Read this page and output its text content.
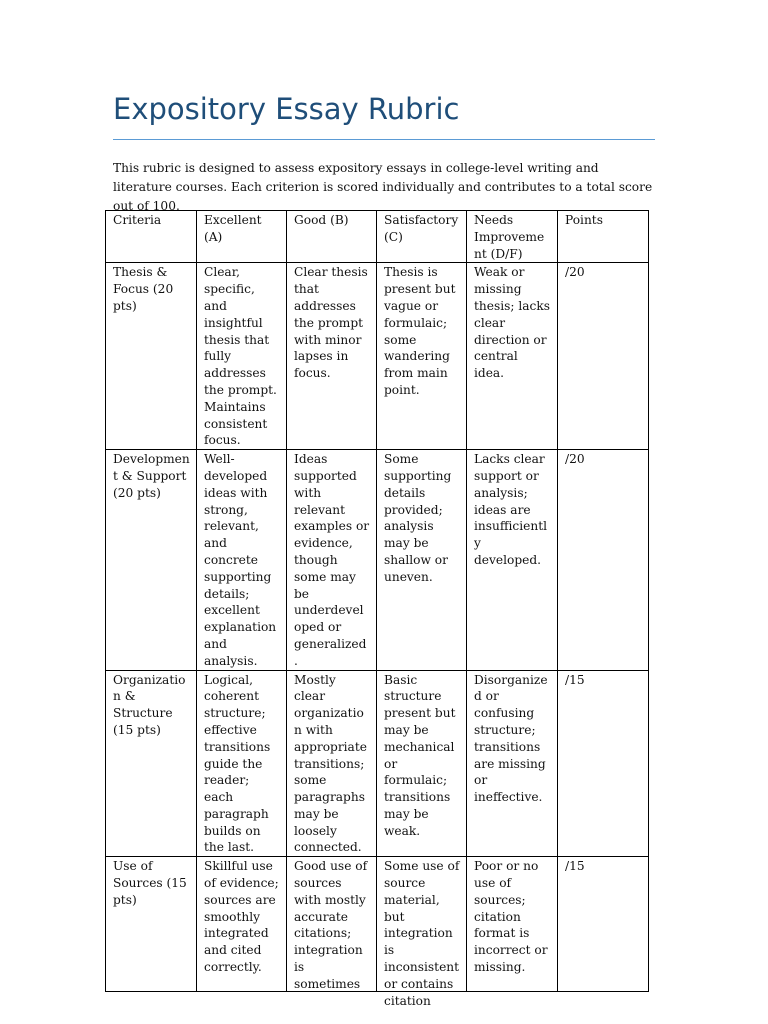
Expository Essay Rubric

This rubric is designed to assess expository essays in college-level writing and literature courses. Each criterion is scored individually and contributes to a total score out of 100.

Criteria	Excellent (A)	Good (B)	Satisfactory (C)	Needs Improvement (D/F)	Points
Thesis & Focus (20 pts)	Clear, specific, and insightful thesis that fully addresses the prompt. Maintains consistent focus.	Clear thesis that addresses the prompt with minor lapses in focus.	Thesis is present but vague or formulaic; some wandering from main point.	Weak or missing thesis; lacks clear direction or central idea.	/20
Development & Support (20 pts)	Well-developed ideas with strong, relevant, and concrete supporting details; excellent explanation and analysis.	Ideas supported with relevant examples or evidence, though some may be underdeveloped or generalized.	Some supporting details provided; analysis may be shallow or uneven.	Lacks clear support or analysis; ideas are insufficiently developed.	/20
Organization & Structure (15 pts)	Logical, coherent structure; effective transitions guide the reader; each paragraph builds on the last.	Mostly clear organization with appropriate transitions; some paragraphs may be loosely connected.	Basic structure present but may be mechanical or formulaic; transitions may be weak.	Disorganized or confusing structure; transitions are missing or ineffective.	/15

Use of Sources (15 pts)	Skillful use of evidence; sources are smoothly integrated and cited correctly.	Good use of sources with mostly accurate citations; integration is sometimes	Some use of source material, but integration is inconsistent or contains citation	Poor or no use of sources; citation format is incorrect or missing.	/15
